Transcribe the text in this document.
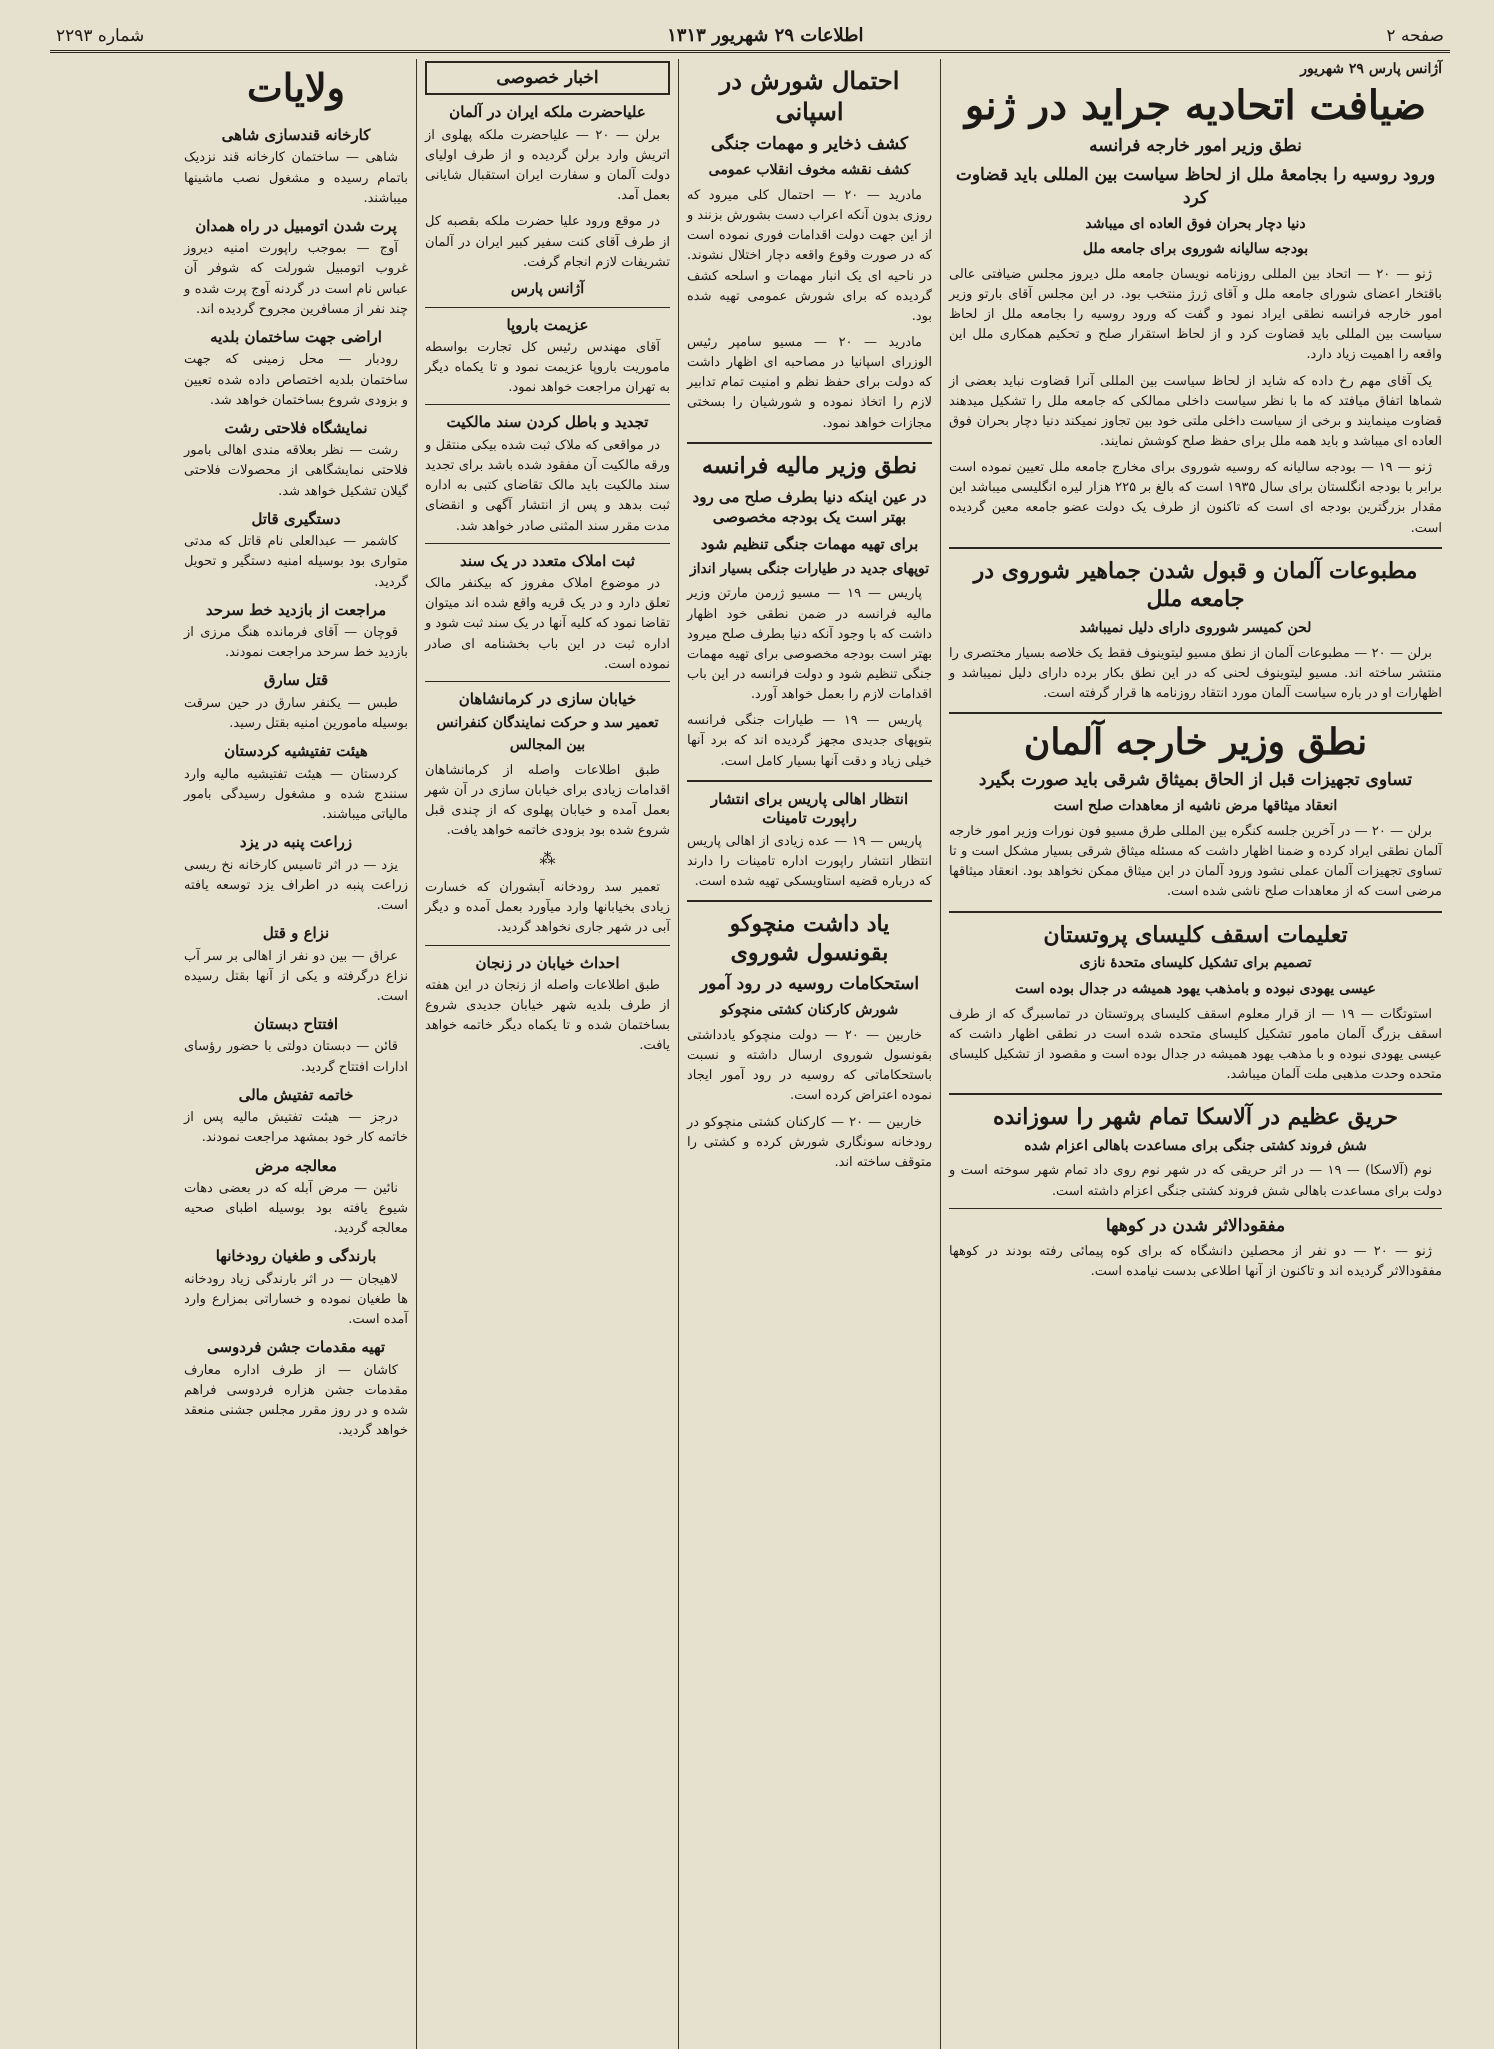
صفحه ۲
اطلاعات ۲۹ شهریور ۱۳۱۳
شماره ۲۲۹۳
آژانس پارس ۲۹ شهریور
ضیافت اتحادیه جراید در ژنو
نطق وزیر امور خارجه فرانسه
ورود روسیه را بجامعهٔ ملل از لحاظ سیاست بین المللی باید قضاوت کرد
دنیا دچار بحران فوق العاده ای میباشد
بودجه سالیانه شوروی برای جامعه ملل

ژنو — ۲۰ — اتحاد بین المللی روزنامه نویسان جامعه ملل دیروز مجلس ضیافتی عالی باقتخار اعضای شورای جامعه ملل و آقای ژرژ منتخب بود. در این مجلس آقای بارتو وزیر امور خارجه فرانسه نطقی ایراد نمود و گفت که ورود روسیه را بجامعه ملل از لحاظ سیاست بین المللی باید قضاوت کرد و از لحاظ استقرار صلح و تحکیم همکاری ملل این واقعه را اهمیت زیاد دارد.

یک آقای مهم رخ داده که شاید از لحاظ سیاست بین المللی آنرا قضاوت نباید بعضی از شماها اتفاق میافتد که ما با نظر سیاست داخلی ممالکی که جامعه ملل را تشکیل میدهند قضاوت مینمایند و برخی از سیاست داخلی ملتی خود بین تجاوز نمیکند دنیا دچار بحران فوق العاده ای میباشد و باید همه ملل برای حفظ صلح کوشش نمایند.

ژنو — ۱۹ — بودجه سالیانه که روسیه شوروی برای مخارج جامعه ملل تعیین نموده است برابر با بودجه انگلستان برای سال ۱۹۳۵ است که بالغ بر ۲۲۵ هزار لیره انگلیسی میباشد این مقدار بزرگترین بودجه ای است که تاکنون از طرف یک دولت عضو جامعه معین گردیده است.

مطبوعات آلمان و قبول شدن جماهیر شوروی در جامعه ملل
لحن کمیسر شوروی دارای دلیل نمیباشد

برلن — ۲۰ — مطبوعات آلمان از نطق مسیو لیتوینوف فقط یک خلاصه بسیار مختصری را منتشر ساخته اند. مسیو لیتوینوف لحنی که در این نطق بکار برده دارای دلیل نمیباشد و اظهارات او در باره سیاست آلمان مورد انتقاد روزنامه ها قرار گرفته است.

نطق وزیر خارجه آلمان
تساوی تجهیزات قبل از الحاق بمیثاق شرقی باید صورت بگیرد
انعقاد میثاقها مرض ناشیه از معاهدات صلح است

برلن — ۲۰ — در آخرین جلسه کنگره بین المللی طرق مسیو فون نورات وزیر امور خارجه آلمان نطقی ایراد کرده و ضمنا اظهار داشت که مسئله میثاق شرقی بسیار مشکل است و تا تساوی تجهیزات آلمان عملی نشود ورود آلمان در این میثاق ممکن نخواهد بود. انعقاد میثاقها مرضی است که از معاهدات صلح ناشی شده است.

تعلیمات اسقف کلیسای پروتستان
تصمیم برای تشکیل کلیسای متحدهٔ نازی
عیسی یهودی نبوده و بامذهب یهود همیشه در جدال بوده است

استوتگات — ۱۹ — از قرار معلوم اسقف کلیسای پروتستان در تماسبرگ که از طرف اسقف بزرگ آلمان مامور تشکیل کلیسای متحده شده است در نطقی اظهار داشت که عیسی یهودی نبوده و با مذهب یهود همیشه در جدال بوده است و مقصود از تشکیل کلیسای متحده وحدت مذهبی ملت آلمان میباشد.

حریق عظیم در آلاسکا تمام شهر را سوزانده
شش فروند کشتی جنگی برای مساعدت باهالی اعزام شده

نوم (آلاسکا) — ۱۹ — در اثر حریقی که در شهر نوم روی داد تمام شهر سوخته است و دولت برای مساعدت باهالی شش فروند کشتی جنگی اعزام داشته است.

مفقودالاثر شدن در کوهها

ژنو — ۲۰ — دو نفر از محصلین دانشگاه که برای کوه پیمائی رفته بودند در کوهها مفقودالاثر گردیده اند و تاکنون از آنها اطلاعی بدست نیامده است.

احتمال شورش در اسپانی
کشف ذخایر و مهمات جنگی
کشف نقشه مخوف انقلاب عمومی

مادرید — ۲۰ — احتمال کلی میرود که روزی بدون آنکه اعراب دست بشورش بزنند و از این جهت دولت اقدامات فوری نموده است که در صورت وقوع واقعه دچار اختلال نشوند. در ناحیه ای یک انبار مهمات و اسلحه کشف گردیده که برای شورش عمومی تهیه شده بود.

مادرید — ۲۰ — مسیو سامپر رئیس الوزرای اسپانیا در مصاحبه ای اظهار داشت که دولت برای حفظ نظم و امنیت تمام تدابیر لازم را اتخاذ نموده و شورشیان را بسختی مجازات خواهد نمود.

نطق وزیر مالیه فرانسه
در عین اینکه دنیا بطرف صلح می رود بهتر است یک بودجه مخصوصی
برای تهیه مهمات جنگی تنظیم شود
توپهای جدید در طیارات جنگی بسیار انداز

پاریس — ۱۹ — مسیو ژرمن مارتن وزیر مالیه فرانسه در ضمن نطقی خود اظهار داشت که با وجود آنکه دنیا بطرف صلح میرود بهتر است بودجه مخصوصی برای تهیه مهمات جنگی تنظیم شود و دولت فرانسه در این باب اقدامات لازم را بعمل خواهد آورد.

پاریس — ۱۹ — طیارات جنگی فرانسه بتوپهای جدیدی مجهز گردیده اند که برد آنها خیلی زیاد و دقت آنها بسیار کامل است.

انتظار اهالی پاریس برای انتشار راپورت تامینات

پاریس — ۱۹ — عده زیادی از اهالی پاریس انتظار انتشار راپورت اداره تامینات را دارند که درباره قضیه استاویسکی تهیه شده است.

یاد داشت منچوکو بقونسول شوروی
استحکامات روسیه در رود آمور
شورش کارکنان کشتی منچوکو

خاربین — ۲۰ — دولت منچوکو یادداشتی بقونسول شوروی ارسال داشته و نسبت باستحکاماتی که روسیه در رود آمور ایجاد نموده اعتراض کرده است.

خاربین — ۲۰ — کارکنان کشتی منچوکو در رودخانه سونگاری شورش کرده و کشتی را متوقف ساخته اند.

اخبار خصوصی
علیاحضرت ملکه ایران در آلمان

برلن — ۲۰ — علیاحضرت ملکه پهلوی از اتریش وارد برلن گردیده و از طرف اولیای دولت آلمان و سفارت ایران استقبال شایانی بعمل آمد.

در موقع ورود علیا حضرت ملکه بقصبه کل از طرف آقای کنت سفیر کبیر ایران در آلمان تشریفات لازم انجام گرفت.

آژانس پارس
عزیمت باروپا

آقای مهندس رئیس کل تجارت بواسطه ماموریت باروپا عزیمت نمود و تا یکماه دیگر به تهران مراجعت خواهد نمود.

تجدید و باطل کردن سند مالکیت

در مواقعی که ملاک ثبت شده بیکی منتقل و ورقه مالکیت آن مفقود شده باشد برای تجدید سند مالکیت باید مالک تقاضای کتبی به اداره ثبت بدهد و پس از انتشار آگهی و انقضای مدت مقرر سند المثنی صادر خواهد شد.

ثبت املاک متعدد در یک سند

در موضوع املاک مفروز که بیکنفر مالک تعلق دارد و در یک قریه واقع شده اند میتوان تقاضا نمود که کلیه آنها در یک سند ثبت شود و اداره ثبت در این باب بخشنامه ای صادر نموده است.

خیابان سازی در کرمانشاهان
تعمیر سد و حرکت نمایندگان کنفرانس بین المجالس

طبق اطلاعات واصله از کرمانشاهان اقدامات زیادی برای خیابان سازی در آن شهر بعمل آمده و خیابان پهلوی که از چندی قبل شروع شده بود بزودی خاتمه خواهد یافت.

⁂

تعمیر سد رودخانه آبشوران که خسارت زیادی بخیابانها وارد میآورد بعمل آمده و دیگر آبی در شهر جاری نخواهد گردید.

احداث خیابان در زنجان

طبق اطلاعات واصله از زنجان در این هفته از طرف بلدیه شهر خیابان جدیدی شروع بساختمان شده و تا یکماه دیگر خاتمه خواهد یافت.

ولایات
کارخانه قندسازی شاهی

شاهی — ساختمان کارخانه قند نزدیک باتمام رسیده و مشغول نصب ماشینها میباشند.

پرت شدن اتومبیل در راه همدان

آوج — بموجب راپورت امنیه دیروز غروب اتومبیل شورلت که شوفر آن عباس نام است در گردنه آوج پرت شده و چند نفر از مسافرین مجروح گردیده اند.

اراضی جهت ساختمان بلدیه

رودبار — محل زمینی که جهت ساختمان بلدیه اختصاص داده شده تعیین و بزودی شروع بساختمان خواهد شد.

نمایشگاه فلاحتی رشت

رشت — نظر بعلاقه مندی اهالی بامور فلاحتی نمایشگاهی از محصولات فلاحتی گیلان تشکیل خواهد شد.

دستگیری قاتل

کاشمر — عبدالعلی نام قاتل که مدتی متواری بود بوسیله امنیه دستگیر و تحویل گردید.

مراجعت از بازدید خط سرحد

قوچان — آقای فرمانده هنگ مرزی از بازدید خط سرحد مراجعت نمودند.

قتل سارق

طبس — یکنفر سارق در حین سرقت بوسیله مامورین امنیه بقتل رسید.

هیئت تفتیشیه کردستان

کردستان — هیئت تفتیشیه مالیه وارد سنندج شده و مشغول رسیدگی بامور مالیاتی میباشند.

زراعت پنبه در یزد

یزد — در اثر تاسیس کارخانه نخ ریسی زراعت پنبه در اطراف یزد توسعه یافته است.

نزاع و قتل

عراق — بین دو نفر از اهالی بر سر آب نزاع درگرفته و یکی از آنها بقتل رسیده است.

افتتاح دبستان

قائن — دبستان دولتی با حضور رؤسای ادارات افتتاح گردید.

خاتمه تفتیش مالی

درجز — هیئت تفتیش مالیه پس از خاتمه کار خود بمشهد مراجعت نمودند.

معالجه مرض

نائین — مرض آبله که در بعضی دهات شیوع یافته بود بوسیله اطبای صحیه معالجه گردید.

بارندگی و طغیان رودخانها

لاهیجان — در اثر بارندگی زیاد رودخانه ها طغیان نموده و خساراتی بمزارع وارد آمده است.

تهیه مقدمات جشن فردوسی

کاشان — از طرف اداره معارف مقدمات جشن هزاره فردوسی فراهم شده و در روز مقرر مجلس جشنی منعقد خواهد گردید.
